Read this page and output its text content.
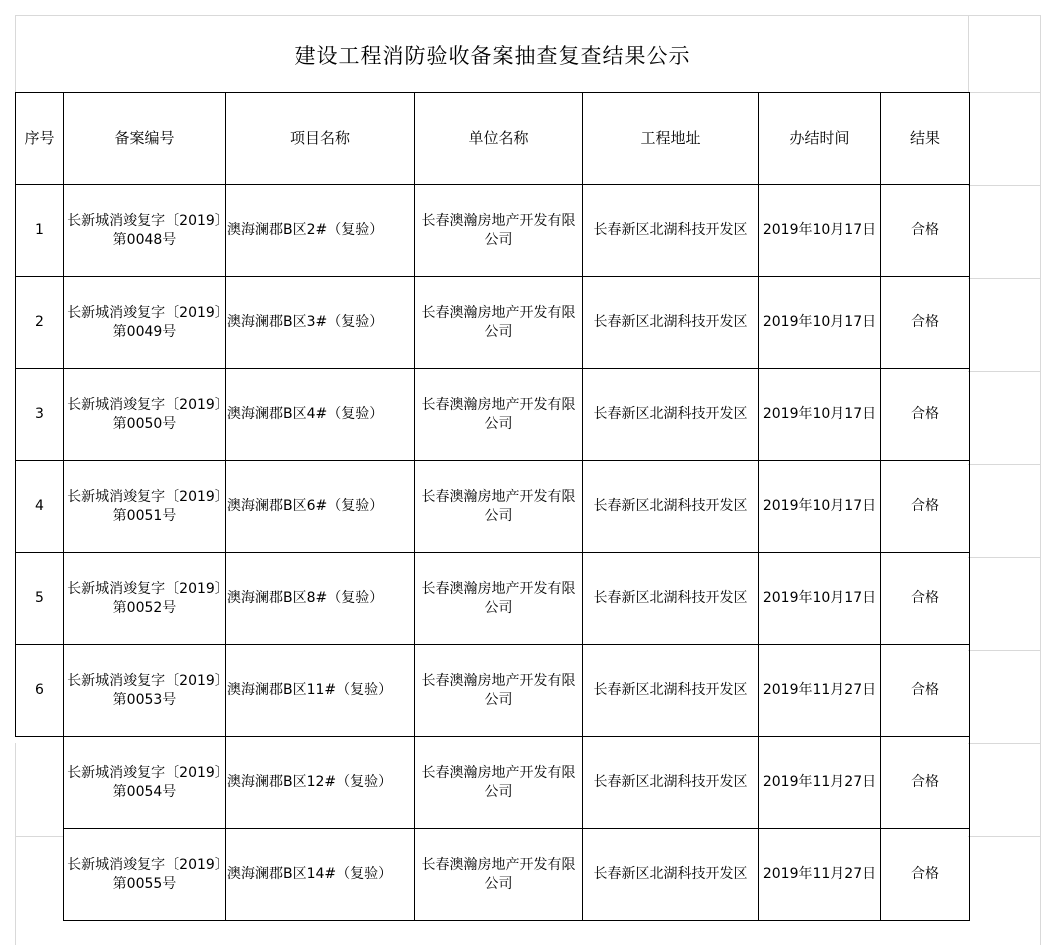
建设工程消防验收备案抽查复查结果公示
序号	备案编号	项目名称	单位名称	工程地址	办结时间	结果
1	长新城消竣复字〔2019〕第0048号	澳海澜郡B区2#（复验）	长春澳瀚房地产开发有限公司	长春新区北湖科技开发区	2019年10月17日	合格
2	长新城消竣复字〔2019〕第0049号	澳海澜郡B区3#（复验）	长春澳瀚房地产开发有限公司	长春新区北湖科技开发区	2019年10月17日	合格
3	长新城消竣复字〔2019〕第0050号	澳海澜郡B区4#（复验）	长春澳瀚房地产开发有限公司	长春新区北湖科技开发区	2019年10月17日	合格
4	长新城消竣复字〔2019〕第0051号	澳海澜郡B区6#（复验）	长春澳瀚房地产开发有限公司	长春新区北湖科技开发区	2019年10月17日	合格
5	长新城消竣复字〔2019〕第0052号	澳海澜郡B区8#（复验）	长春澳瀚房地产开发有限公司	长春新区北湖科技开发区	2019年10月17日	合格
6	长新城消竣复字〔2019〕第0053号	澳海澜郡B区11#（复验）	长春澳瀚房地产开发有限公司	长春新区北湖科技开发区	2019年11月27日	合格
	长新城消竣复字〔2019〕第0054号	澳海澜郡B区12#（复验）	长春澳瀚房地产开发有限公司	长春新区北湖科技开发区	2019年11月27日	合格
	长新城消竣复字〔2019〕第0055号	澳海澜郡B区14#（复验）	长春澳瀚房地产开发有限公司	长春新区北湖科技开发区	2019年11月27日	合格
